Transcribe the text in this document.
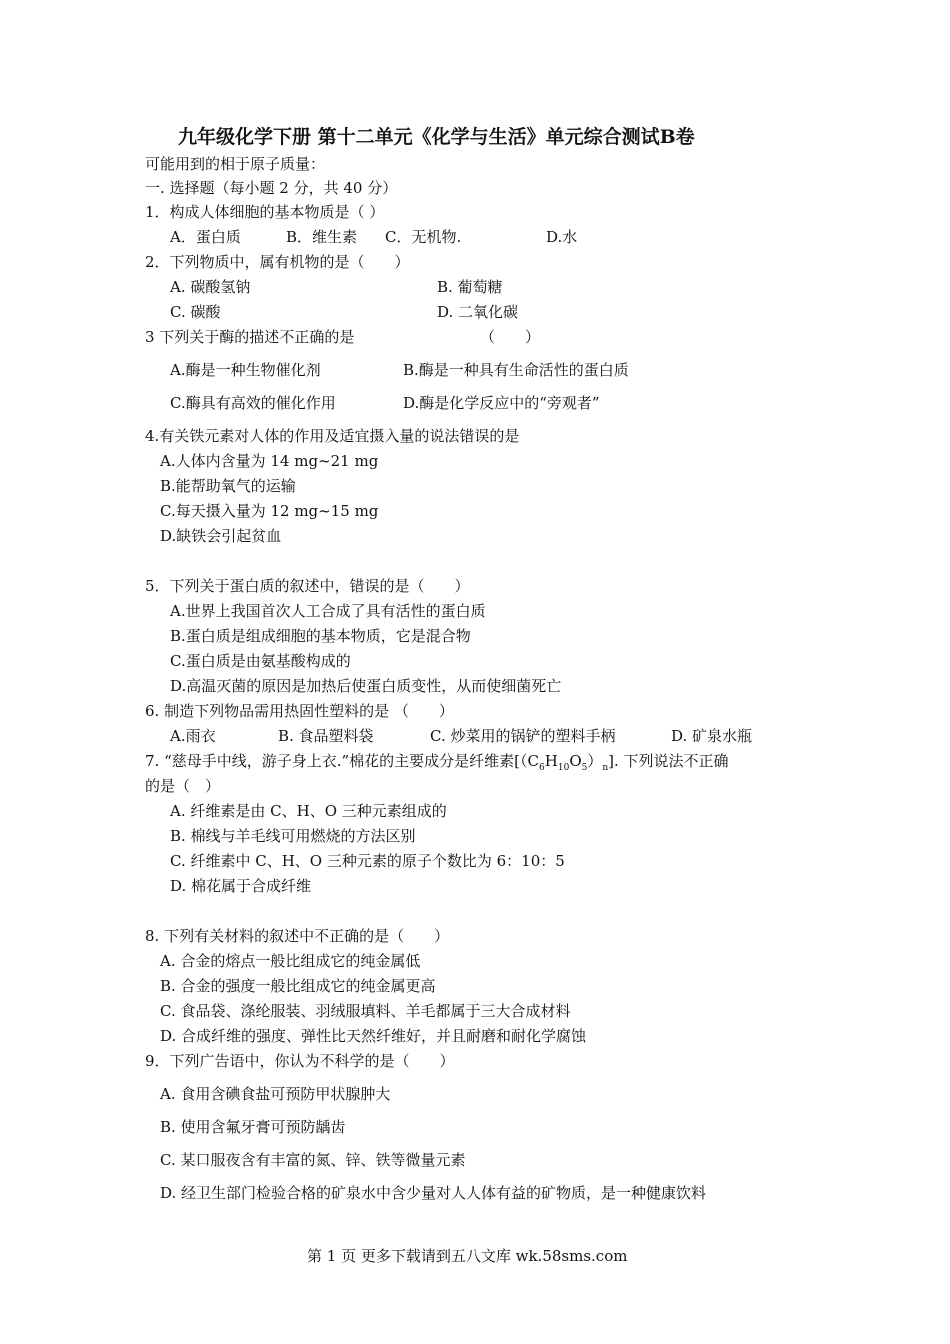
九年级化学下册 第十二单元《化学与生活》单元综合测试B卷
可能用到的相于原子质量：
一. 选择题（每小题 2 分，共 40 分）
1．构成人体细胞的基本物质是（ ）
A．蛋白质	B．维生素 C．无机物.	D.水
2．下列物质中，属有机物的是（　　）
A. 碳酸氢钠	B. 葡萄糖
C. 碳酸	D. 二氧化碳
3 下列关于酶的描述不正确的是	（　　）
A.酶是一种生物催化剂	B.酶是一种具有生命活性的蛋白质
C.酶具有高效的催化作用	D.酶是化学反应中的“旁观者”
4.有关铁元素对人体的作用及适宜摄入量的说法错误的是
A.人体内含量为 14 mg~21 mg
B.能帮助氧气的运输
C.每天摄入量为 12 mg~15 mg
D.缺铁会引起贫血
5．下列关于蛋白质的叙述中，错误的是（　　）
A.世界上我国首次人工合成了具有活性的蛋白质
B.蛋白质是组成细胞的基本物质，它是混合物
C.蛋白质是由氨基酸构成的
D.高温灭菌的原因是加热后使蛋白质变性，从而使细菌死亡
6. 制造下列物品需用热固性塑料的是 （　　）
A.雨衣	B. 食品塑料袋	C. 炒菜用的锅铲的塑料手柄	D. 矿泉水瓶
7. “慈母手中线，游子身上衣.”棉花的主要成分是纤维素$[(C_6H_{10}O_5)_n]$. 下列说法不正确
的是（　）
A. 纤维素是由 C、H、O 三种元素组成的
B. 棉线与羊毛线可用燃烧的方法区别
C. 纤维素中 C、H、O 三种元素的原子个数比为 6：10：5
D. 棉花属于合成纤维
8. 下列有关材料的叙述中不正确的是（　　）
A. 合金的熔点一般比组成它的纯金属低
B. 合金的强度一般比组成它的纯金属更高
C. 食品袋、涤纶服装、羽绒服填料、羊毛都属于三大合成材料
D. 合成纤维的强度、弹性比天然纤维好，并且耐磨和耐化学腐蚀
9．下列广告语中，你认为不科学的是（　　）
A. 食用含碘食盐可预防甲状腺肿大
B. 使用含氟牙膏可预防龋齿
C. 某口服夜含有丰富的氮、锌、铁等微量元素
D. 经卫生部门检验合格的矿泉水中含少量对人人体有益的矿物质，是一种健康饮料
第 1 页 更多下载请到五八文库 wk.58sms.com
